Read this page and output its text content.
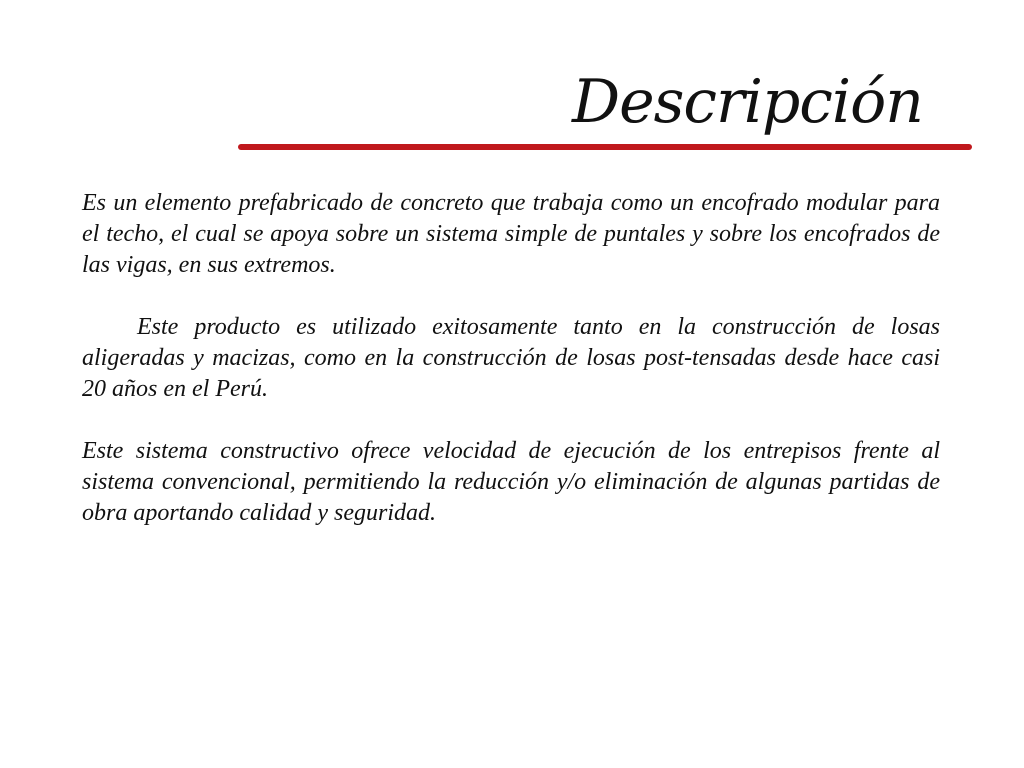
Descripción

Es un elemento prefabricado de concreto que trabaja como un encofrado modular para el techo, el cual se apoya sobre un sistema simple de puntales y sobre los encofrados de las vigas, en sus extremos.

Este producto es utilizado exitosamente tanto en la construcción de losas aligeradas y macizas, como en la construcción de losas post-tensadas desde hace casi 20 años en el Perú.

Este sistema constructivo ofrece velocidad de ejecución de los entrepisos frente al sistema convencional, permitiendo la reducción y/o eliminación de algunas partidas de obra aportando calidad y seguridad.
